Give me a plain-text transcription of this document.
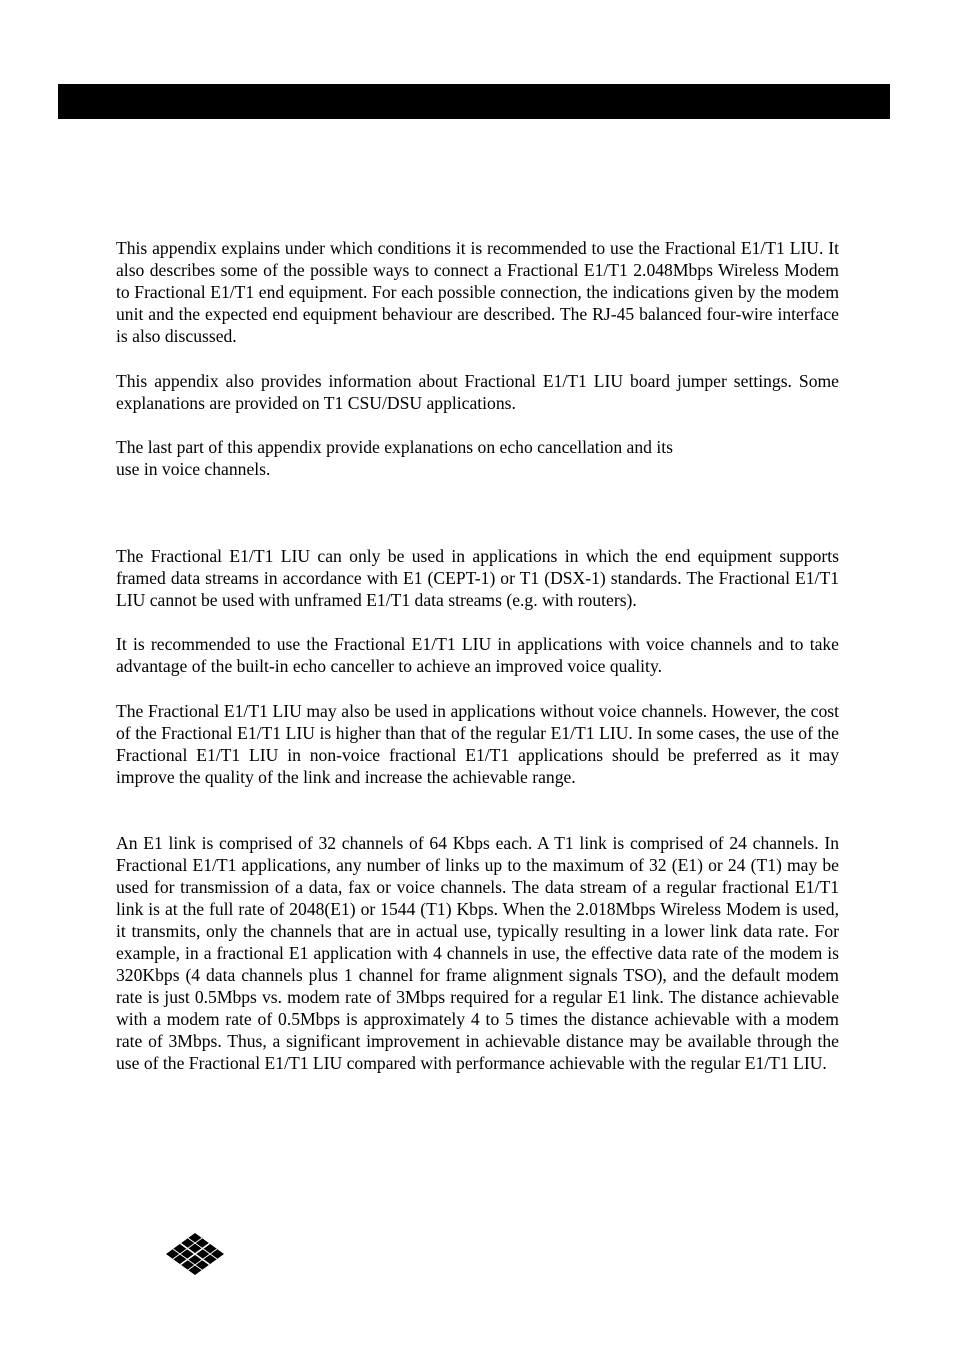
This appendix explains under which conditions it is recommended to use the Fractional E1/T1 LIU. It also describes some of the possible ways to connect a Fractional E1/T1 2.048Mbps Wireless Modem to Fractional E1/T1 end equipment. For each possible connection, the indications given by the modem unit and the expected end equipment behaviour are described. The RJ-45 balanced four-wire interface is also discussed.

This appendix also provides information about Fractional E1/T1 LIU board jumper settings. Some explanations are provided on T1 CSU/DSU applications.

The last part of this appendix provide explanations on echo cancellation and its

use in voice channels.

The Fractional E1/T1 LIU can only be used in applications in which the end equipment supports framed data streams in accordance with E1 (CEPT-1) or T1 (DSX-1) standards. The Fractional E1/T1 LIU cannot be used with unframed E1/T1 data streams (e.g. with routers).

It is recommended to use the Fractional E1/T1 LIU in applications with voice channels and to take advantage of the built-in echo canceller to achieve an improved voice quality.

The Fractional E1/T1 LIU may also be used in applications without voice channels. However, the cost of the Fractional E1/T1 LIU is higher than that of the regular E1/T1 LIU. In some cases, the use of the Fractional E1/T1 LIU in non-voice fractional E1/T1 applications should be preferred as it may improve the quality of the link and increase the achievable range.

An E1 link is comprised of 32 channels of 64 Kbps each. A T1 link is comprised of 24 channels. In Fractional E1/T1 applications, any number of links up to the maximum of 32 (E1) or 24 (T1) may be used for transmission of a data, fax or voice channels. The data stream of a regular fractional E1/T1 link is at the full rate of 2048(E1) or 1544 (T1) Kbps. When the 2.018Mbps Wireless Modem is used, it transmits, only the channels that are in actual use, typically resulting in a lower link data rate. For example, in a fractional E1 application with 4 channels in use, the effective data rate of the modem is 320Kbps (4 data channels plus 1 channel for frame alignment signals TSO), and the default modem rate is just 0.5Mbps vs. modem rate of 3Mbps required for a regular E1 link. The distance achievable with a modem rate of 0.5Mbps is approximately 4 to 5 times the distance achievable with a modem rate of 3Mbps. Thus, a significant improvement in achievable distance may be available through the use of the Fractional E1/T1 LIU compared with performance achievable with the regular E1/T1 LIU.
